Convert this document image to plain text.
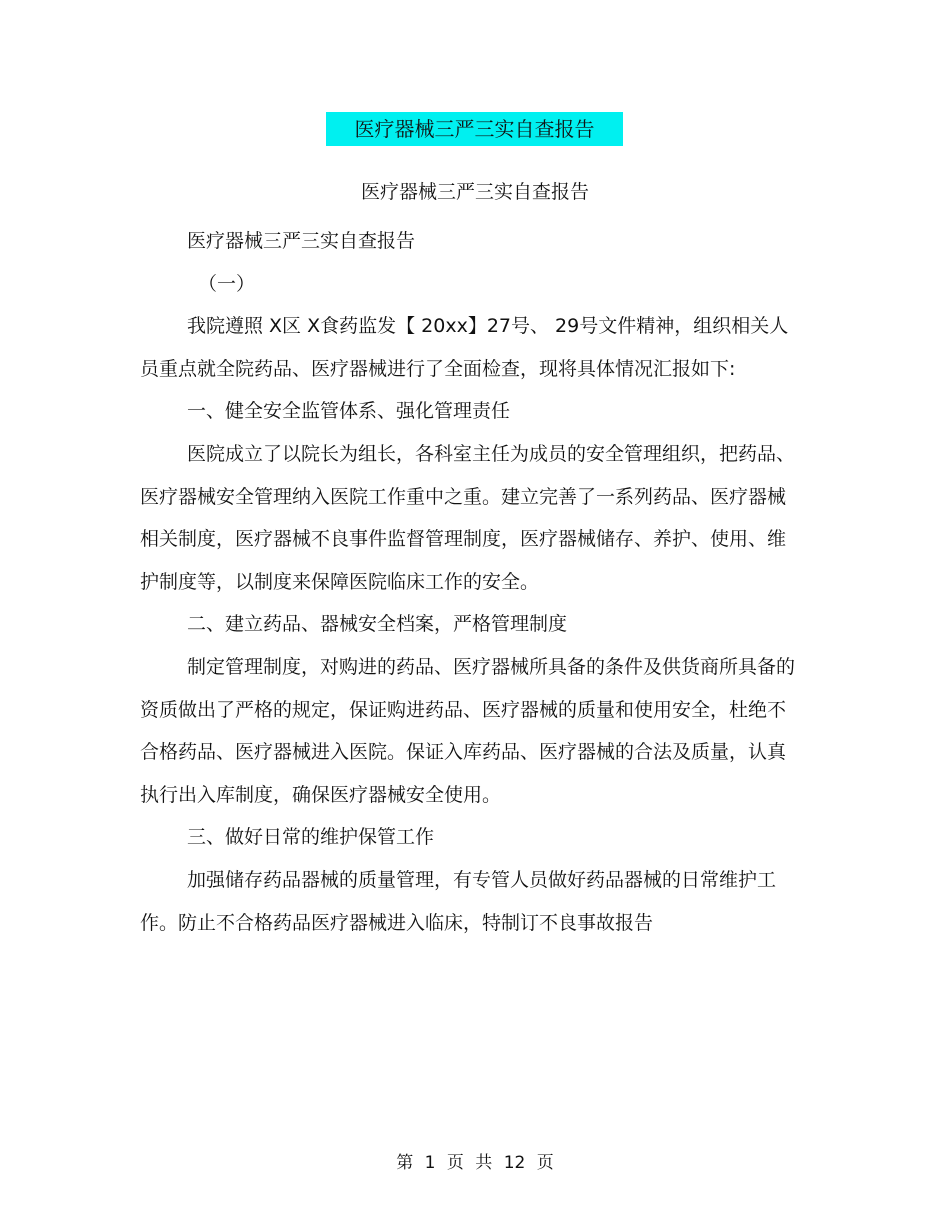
医疗器械三严三实自查报告
医疗器械三严三实自查报告

医疗器械三严三实自查报告

（一）

我院遵照 X区 X食药监发【 20xx】27号、 29号文件精神，组织相关人员重点就全院药品、医疗器械进行了全面检查，现将具体情况汇报如下:

一、健全安全监管体系、强化管理责任

医院成立了以院长为组长，各科室主任为成员的安全管理组织，把药品、医疗器械安全管理纳入医院工作重中之重。建立完善了一系列药品、医疗器械相关制度，医疗器械不良事件监督管理制度，医疗器械储存、养护、使用、维护制度等，以制度来保障医院临床工作的安全。

二、建立药品、器械安全档案，严格管理制度

制定管理制度，对购进的药品、医疗器械所具备的条件及供货商所具备的资质做出了严格的规定，保证购进药品、医疗器械的质量和使用安全，杜绝不合格药品、医疗器械进入医院。保证入库药品、医疗器械的合法及质量，认真执行出入库制度，确保医疗器械安全使用。

三、做好日常的维护保管工作

加强储存药品器械的质量管理，有专管人员做好药品器械的日常维护工作。防止不合格药品医疗器械进入临床，特制订不良事故报告

第 1 页 共 12 页
